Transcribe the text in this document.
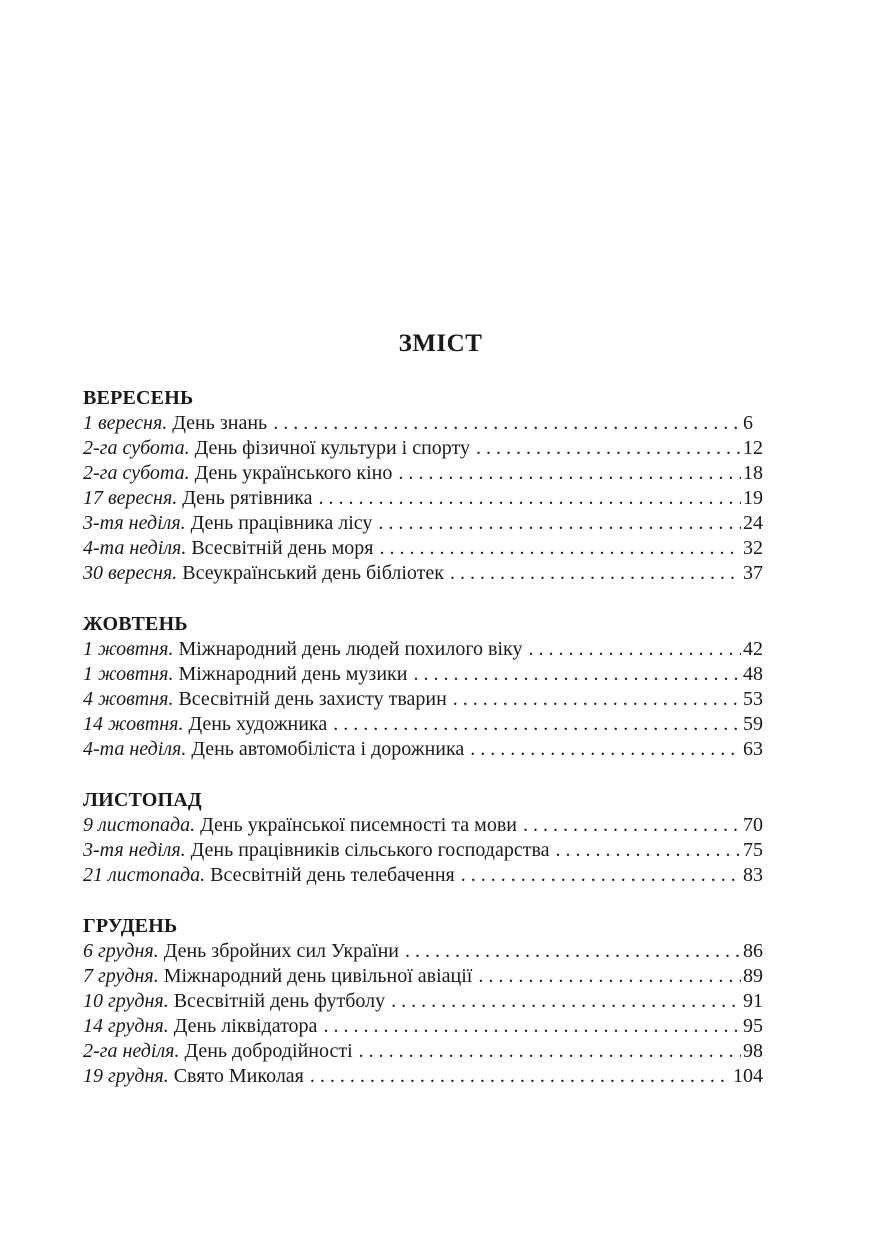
ЗМІСТ
ВЕРЕСЕНЬ
1 вересня. День знань . . .	6
2-га субота. День фізичної культури і спорту . . .	12
2-га субота. День українського кіно . . .	18
17 вересня. День рятівника . . .	19
3-тя неділя. День працівника лісу . . .	24
4-та неділя. Всесвітній день моря . . .	32
30 вересня. Всеукраїнський день бібліотек . . .	37
ЖОВТЕНЬ
1 жовтня. Міжнародний день людей похилого віку . . .	42
1 жовтня. Міжнародний день музики . . .	48
4 жовтня. Всесвітній день захисту тварин . . .	53
14 жовтня. День художника . . .	59
4-та неділя. День автомобіліста і дорожника . . .	63
ЛИСТОПАД
9 листопада. День української писемності та мови . . .	70
3-тя неділя. День працівників сільського господарства . . .	75
21 листопада. Всесвітній день телебачення . . .	83
ГРУДЕНЬ
6 грудня. День збройних сил України . . .	86
7 грудня. Міжнародний день цивільної авіації . . .	89
10 грудня. Всесвітній день футболу . . .	91
14 грудня. День ліквідатора . . .	95
2-га неділя. День добродійності . . .	98
19 грудня. Свято Миколая . . .	104
